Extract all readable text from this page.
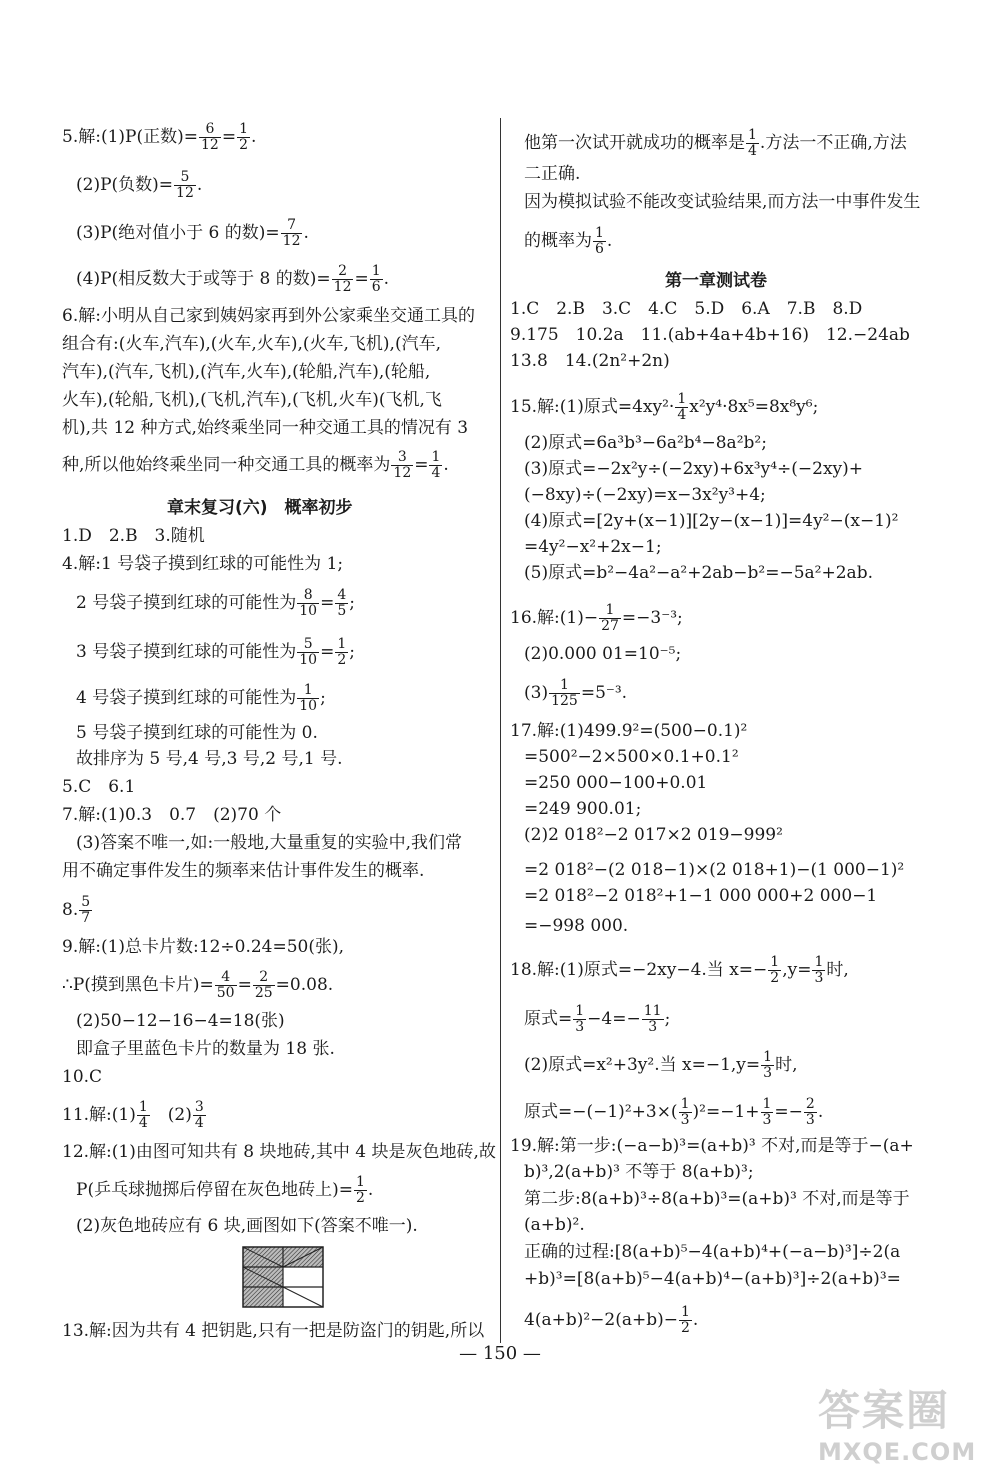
5.解:(1)P(正数)= $\frac{6}{12} = \frac{1}{2}$ .
(2)P(负数)= $\frac{5}{12}$ .
(3)P(绝对值小于 6 的数)= $\frac{7}{12}$ .
(4)P(相反数大于或等于 8 的数)= $\frac{2}{12} = \frac{1}{6}$ .
6.解:小明从自己家到姨妈家再到外公家乘坐交通工具的
组合有:(火车,汽车),(火车,火车),(火车,飞机),(汽车,
汽车),(汽车,飞机),(汽车,火车),(轮船,汽车),(轮船,
火车),(轮船,飞机),(飞机,汽车),(飞机,火车)(飞机,飞
机),共 12 种方式,始终乘坐同一种交通工具的情况有 3
种,所以他始终乘坐同一种交通工具的概率为 $\frac{3}{12} = \frac{1}{4}$ .
章末复习(六)　概率初步
1.D　2.B　3.随机
4.解:1 号袋子摸到红球的可能性为 1;
2 号袋子摸到红球的可能性为 $\frac{8}{10} = \frac{4}{5}$ ;
3 号袋子摸到红球的可能性为 $\frac{5}{10} = \frac{1}{2}$ ;
4 号袋子摸到红球的可能性为 $\frac{1}{10}$ ;
5 号袋子摸到红球的可能性为 0.
故排序为 5 号,4 号,3 号,2 号,1 号.
5.C　6.1
7.解:(1)0.3　0.7　(2)70 个
(3)答案不唯一,如:一般地,大量重复的实验中,我们常
用不确定事件发生的频率来估计事件发生的概率.
8. $\frac{5}{7}$
9.解:(1)总卡片数:12÷0.24=50(张),
∴P(摸到黑色卡片)= $\frac{4}{50} = \frac{2}{25} =0.08$.
(2)50−12−16−4=18(张)
即盒子里蓝色卡片的数量为 18 张.
10.C
11.解:(1) $\frac{1}{4}$
　 $(2) \frac{3}{4}$
12.解:(1)由图可知共有 8 块地砖,其中 4 块是灰色地砖,故
P(乒乓球抛掷后停留在灰色地砖上)= $\frac{1}{2}$ .
(2)灰色地砖应有 6 块,画图如下(答案不唯一).
13.解:因为共有 4 把钥匙,只有一把是防盗门的钥匙,所以
他第一次试开就成功的概率是 $\frac{1}{4}$ .方法一不正确,方法
二正确.
因为模拟试验不能改变试验结果,而方法一中事件发生
的概率为 $\frac{1}{6}$ .
第一章测试卷
1.C　2.B　3.C　4.C　5.D　6.A　7.B　8.D
9.175　10.2a　11.(ab+4a+4b+16)　12.−24ab
13.8　14.(2n²+2n)
15.解:(1)原式$=4xy^2\cdot \frac{1}{4} x^2y^4\cdot 8x^5=8x^8y^6$;
(2)原式=6a³b³−6a²b⁴−8a²b²;
(3)原式=−2x²y÷(−2xy)+6x³y⁴÷(−2xy)+
(−8xy)÷(−2xy)=x−3x²y³+4;
(4)原式=[2y+(x−1)][2y−(x−1)]=4y²−(x−1)²
=4y²−x²+2x−1;
(5)原式=b²−4a²−a²+2ab−b²=−5a²+2ab.
16.解:(1)− $\frac{1}{27} =-3^{-3}$;
(2)0.000 01=10⁻⁵;
$(3) \frac{1}{125} =5^{-3}$.
17.解:(1)499.9²=(500−0.1)²
=500²−2×500×0.1+0.1²
=250 000−100+0.01
=249 900.01;
(2)2 018²−2 017×2 019−999²
=2 018²−(2 018−1)×(2 018+1)−(1 000−1)²
=2 018²−2 018²+1−1 000 000+2 000−1
=−998 000.
18.解:(1)原式=−2xy−4.当 $x=- \frac{1}{2} ,y= \frac{1}{3}$ 时,
原式= $\frac{1}{3} -4=- \frac{11}{3}$ ;
(2)原式=x²+3y².当 $x=-1,y= \frac{1}{3}$ 时,
原式$=-(-1)^2+3\times( \frac{1}{3} )^2=-1+ \frac{1}{3} =- \frac{2}{3}$ .
19.解:第一步:(−a−b)³=(a+b)³ 不对,而是等于−(a+
b)³,2(a+b)³ 不等于 8(a+b)³;
第二步:8(a+b)³÷8(a+b)³=(a+b)³ 不对,而是等于
(a+b)².
正确的过程:[8(a+b)⁵−4(a+b)⁴+(−a−b)³]÷2(a
+b)³=[8(a+b)⁵−4(a+b)⁴−(a+b)³]÷2(a+b)³=
$4(a+b)^2-2(a+b)- \frac{1}{2}$ .
— 150 —
答案圈
MXQE.COM
